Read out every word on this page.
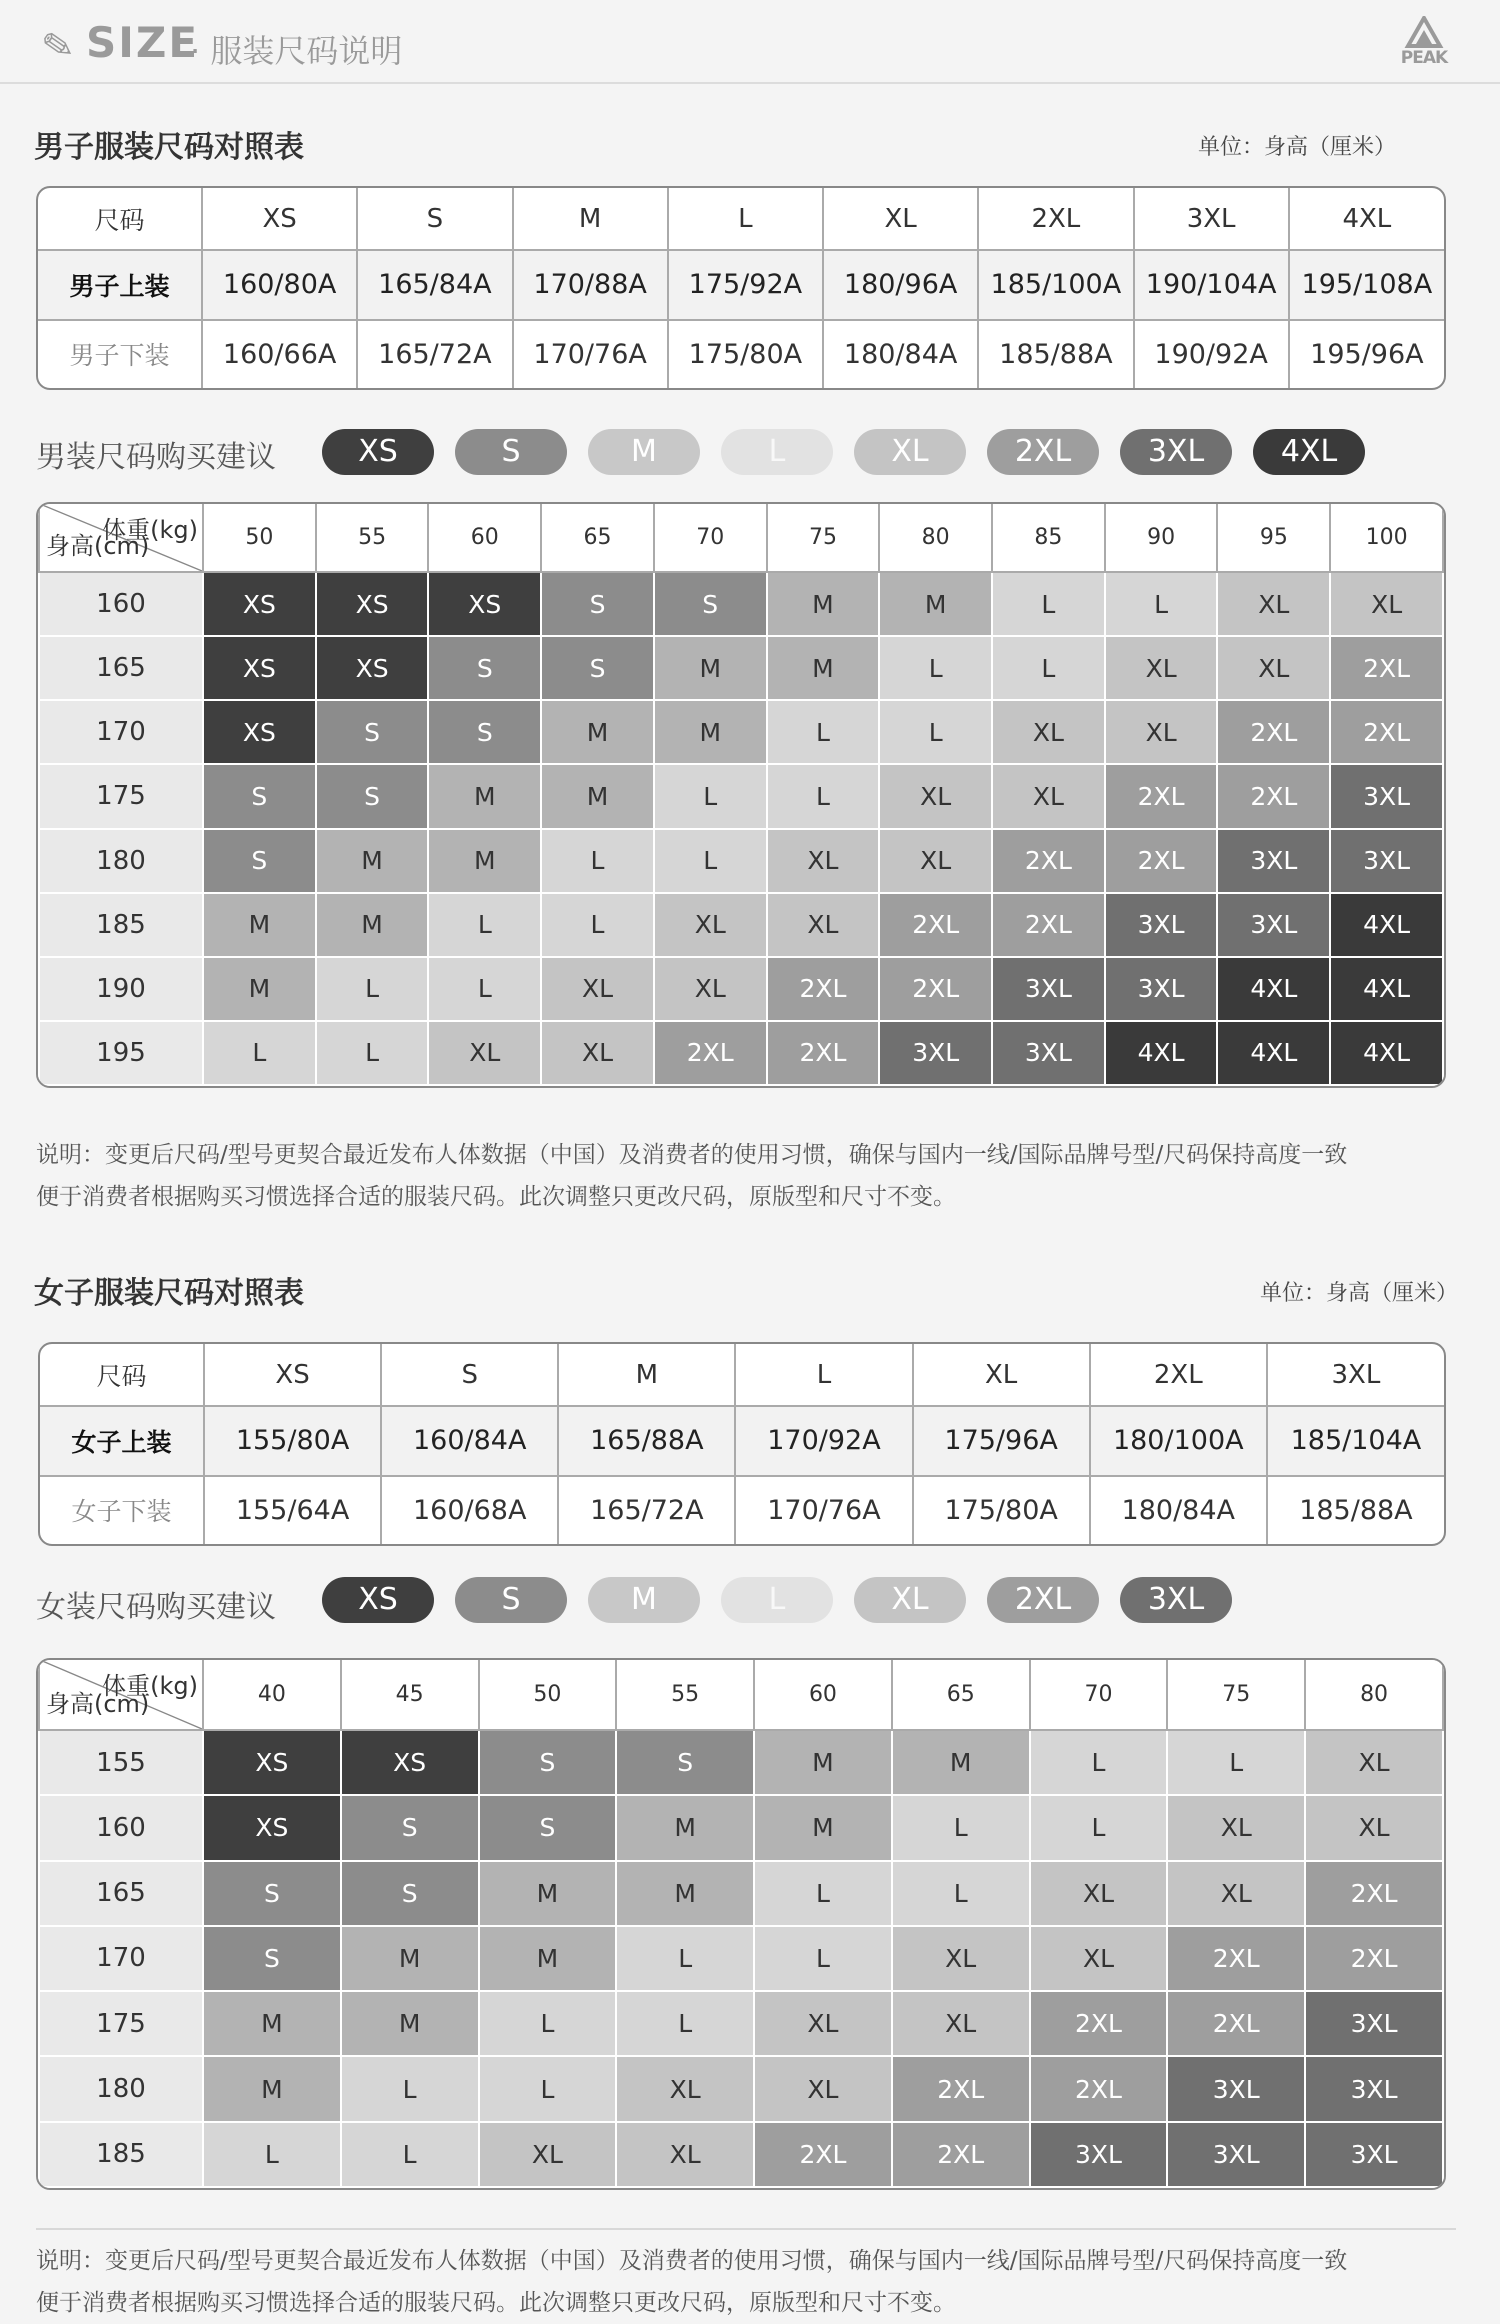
✎ SIZE
· 服装尺码说明	PEAK
男子服装尺码对照表	单位：身高（厘米）
尺码	XS	S	M	L	XL	2XL	3XL	4XL
男子上装	160/80A	165/84A	170/88A	175/92A	180/96A	185/100A	190/104A	195/108A
男子下装	160/66A	165/72A	170/76A	175/80A	180/84A	185/88A	190/92A	195/96A
男装尺码购买建议	XS	S	M	L	XL	2XL	3XL	4XL
体重(kg)
身高(cm)	50	55	60	65	70	75	80	85	90	95	100
160	XS	XS	XS	S	S	M	M	L	L	XL	XL
165	XS	XS	S	S	M	M	L	L	XL	XL	2XL
170	XS	S	S	M	M	L	L	XL	XL	2XL	2XL
175	S	S	M	M	L	L	XL	XL	2XL	2XL	3XL
180	S	M	M	L	L	XL	XL	2XL	2XL	3XL	3XL
185	M	M	L	L	XL	XL	2XL	2XL	3XL	3XL	4XL
190	M	L	L	XL	XL	2XL	2XL	3XL	3XL	4XL	4XL
195	L	L	XL	XL	2XL	2XL	3XL	3XL	4XL	4XL	4XL
说明：变更后尺码/型号更契合最近发布人体数据（中国）及消费者的使用习惯，确保与国内一线/国际品牌号型/尺码保持高度一致
便于消费者根据购买习惯选择合适的服装尺码。此次调整只更改尺码，原版型和尺寸不变。
女子服装尺码对照表	单位：身高（厘米）
尺码	XS	S	M	L	XL	2XL	3XL
女子上装	155/80A	160/84A	165/88A	170/92A	175/96A	180/100A	185/104A
女子下装	155/64A	160/68A	165/72A	170/76A	175/80A	180/84A	185/88A
女装尺码购买建议	XS	S	M	L	XL	2XL	3XL
体重(kg)
身高(cm)	40	45	50	55	60	65	70	75	80
155	XS	XS	S	S	M	M	L	L	XL
160	XS	S	S	M	M	L	L	XL	XL
165	S	S	M	M	L	L	XL	XL	2XL
170	S	M	M	L	L	XL	XL	2XL	2XL
175	M	M	L	L	XL	XL	2XL	2XL	3XL
180	M	L	L	XL	XL	2XL	2XL	3XL	3XL
185	L	L	XL	XL	2XL	2XL	3XL	3XL	3XL
说明：变更后尺码/型号更契合最近发布人体数据（中国）及消费者的使用习惯，确保与国内一线/国际品牌号型/尺码保持高度一致
便于消费者根据购买习惯选择合适的服装尺码。此次调整只更改尺码，原版型和尺寸不变。
